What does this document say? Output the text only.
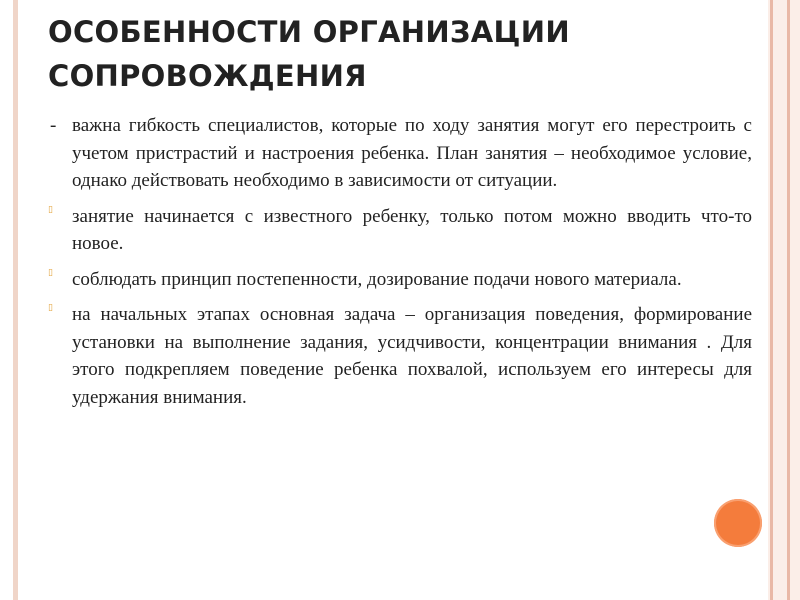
ОСОБЕННОСТИ ОРГАНИЗАЦИИ СОПРОВОЖДЕНИЯ
- важна гибкость специалистов, которые по ходу занятия могут его перестроить с учетом пристрастий и настроения ребенка. План занятия – необходимое условие, однако действовать необходимо в зависимости от ситуации.
▯ занятие начинается с известного ребенку, только потом можно вводить что-то новое.
▯ соблюдать принцип постепенности, дозирование подачи нового материала.
▯ на начальных этапах основная задача – организация поведения, формирование установки на выполнение задания, усидчивости, концентрации внимания . Для этого подкрепляем поведение ребенка похвалой, используем его интересы для удержания внимания.
